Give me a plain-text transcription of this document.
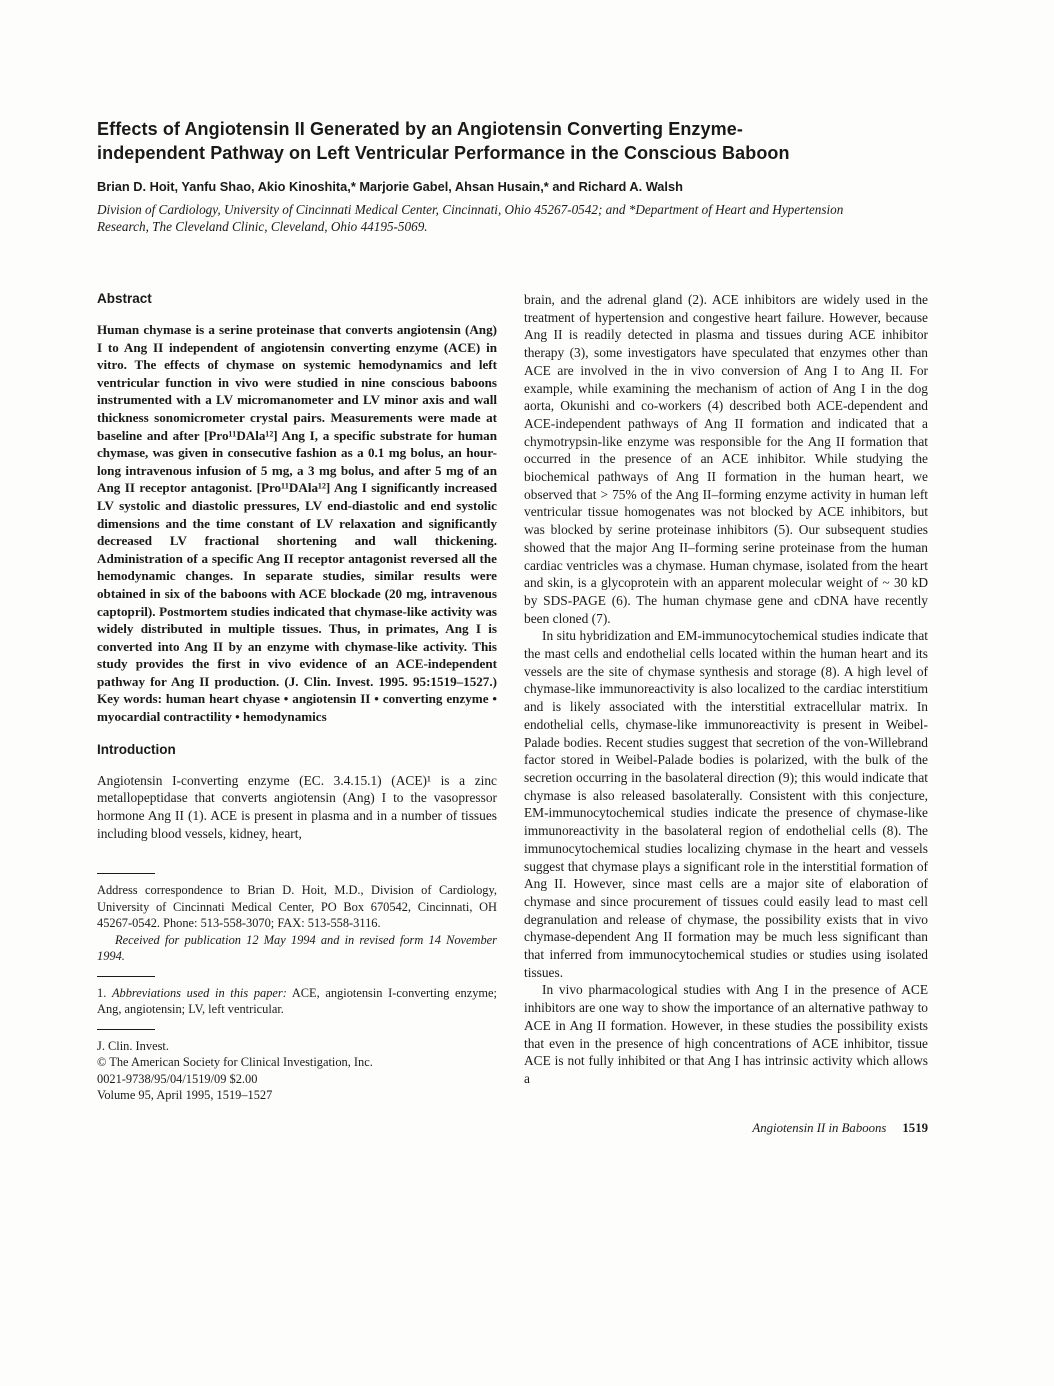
Effects of Angiotensin II Generated by an Angiotensin Converting Enzyme-independent Pathway on Left Ventricular Performance in the Conscious Baboon

Brian D. Hoit, Yanfu Shao, Akio Kinoshita,* Marjorie Gabel, Ahsan Husain,* and Richard A. Walsh

Division of Cardiology, University of Cincinnati Medical Center, Cincinnati, Ohio 45267-0542; and *Department of Heart and Hypertension Research, The Cleveland Clinic, Cleveland, Ohio 44195-5069.

Abstract

Human chymase is a serine proteinase that converts angiotensin (Ang) I to Ang II independent of angiotensin converting enzyme (ACE) in vitro. The effects of chymase on systemic hemodynamics and left ventricular function in vivo were studied in nine conscious baboons instrumented with a LV micromanometer and LV minor axis and wall thickness sonomicrometer crystal pairs. Measurements were made at baseline and after [Pro¹¹DAla¹²] Ang I, a specific substrate for human chymase, was given in consecutive fashion as a 0.1 mg bolus, an hour-long intravenous infusion of 5 mg, a 3 mg bolus, and after 5 mg of an Ang II receptor antagonist. [Pro¹¹DAla¹²] Ang I significantly increased LV systolic and diastolic pressures, LV end-diastolic and end systolic dimensions and the time constant of LV relaxation and significantly decreased LV fractional shortening and wall thickening. Administration of a specific Ang II receptor antagonist reversed all the hemodynamic changes. In separate studies, similar results were obtained in six of the baboons with ACE blockade (20 mg, intravenous captopril). Postmortem studies indicated that chymase-like activity was widely distributed in multiple tissues. Thus, in primates, Ang I is converted into Ang II by an enzyme with chymase-like activity. This study provides the first in vivo evidence of an ACE-independent pathway for Ang II production. (J. Clin. Invest. 1995. 95:1519–1527.) Key words: human heart chyase • angiotensin II • converting enzyme • myocardial contractility • hemodynamics

Introduction

Angiotensin I-converting enzyme (EC. 3.4.15.1) (ACE)¹ is a zinc metallopeptidase that converts angiotensin (Ang) I to the vasopressor hormone Ang II (1). ACE is present in plasma and in a number of tissues including blood vessels, kidney, heart,

Address correspondence to Brian D. Hoit, M.D., Division of Cardiology, University of Cincinnati Medical Center, PO Box 670542, Cincinnati, OH 45267-0542. Phone: 513-558-3070; FAX: 513-558-3116.

Received for publication 12 May 1994 and in revised form 14 November 1994.

1. Abbreviations used in this paper: ACE, angiotensin I-converting enzyme; Ang, angiotensin; LV, left ventricular.

J. Clin. Invest.

© The American Society for Clinical Investigation, Inc.

0021-9738/95/04/1519/09 $2.00

Volume 95, April 1995, 1519–1527

brain, and the adrenal gland (2). ACE inhibitors are widely used in the treatment of hypertension and congestive heart failure. However, because Ang II is readily detected in plasma and tissues during ACE inhibitor therapy (3), some investigators have speculated that enzymes other than ACE are involved in the in vivo conversion of Ang I to Ang II. For example, while examining the mechanism of action of Ang I in the dog aorta, Okunishi and co-workers (4) described both ACE-dependent and ACE-independent pathways of Ang II formation and indicated that a chymotrypsin-like enzyme was responsible for the Ang II formation that occurred in the presence of an ACE inhibitor. While studying the biochemical pathways of Ang II formation in the human heart, we observed that > 75% of the Ang II–forming enzyme activity in human left ventricular tissue homogenates was not blocked by ACE inhibitors, but was blocked by serine proteinase inhibitors (5). Our subsequent studies showed that the major Ang II–forming serine proteinase from the human cardiac ventricles was a chymase. Human chymase, isolated from the heart and skin, is a glycoprotein with an apparent molecular weight of ~ 30 kD by SDS-PAGE (6). The human chymase gene and cDNA have recently been cloned (7).

In situ hybridization and EM-immunocytochemical studies indicate that the mast cells and endothelial cells located within the human heart and its vessels are the site of chymase synthesis and storage (8). A high level of chymase-like immunoreactivity is also localized to the cardiac interstitium and is likely associated with the interstitial extracellular matrix. In endothelial cells, chymase-like immunoreactivity is present in Weibel-Palade bodies. Recent studies suggest that secretion of the von-Willebrand factor stored in Weibel-Palade bodies is polarized, with the bulk of the secretion occurring in the basolateral direction (9); this would indicate that chymase is also released basolaterally. Consistent with this conjecture, EM-immunocytochemical studies indicate the presence of chymase-like immunoreactivity in the basolateral region of endothelial cells (8). The immunocytochemical studies localizing chymase in the heart and vessels suggest that chymase plays a significant role in the interstitial formation of Ang II. However, since mast cells are a major site of elaboration of chymase and since procurement of tissues could easily lead to mast cell degranulation and release of chymase, the possibility exists that in vivo chymase-dependent Ang II formation may be much less significant than that inferred from immunocytochemical studies or studies using isolated tissues.

In vivo pharmacological studies with Ang I in the presence of ACE inhibitors are one way to show the importance of an alternative pathway to ACE in Ang II formation. However, in these studies the possibility exists that even in the presence of high concentrations of ACE inhibitor, tissue ACE is not fully inhibited or that Ang I has intrinsic activity which allows a

Angiotensin II in Baboons 1519
